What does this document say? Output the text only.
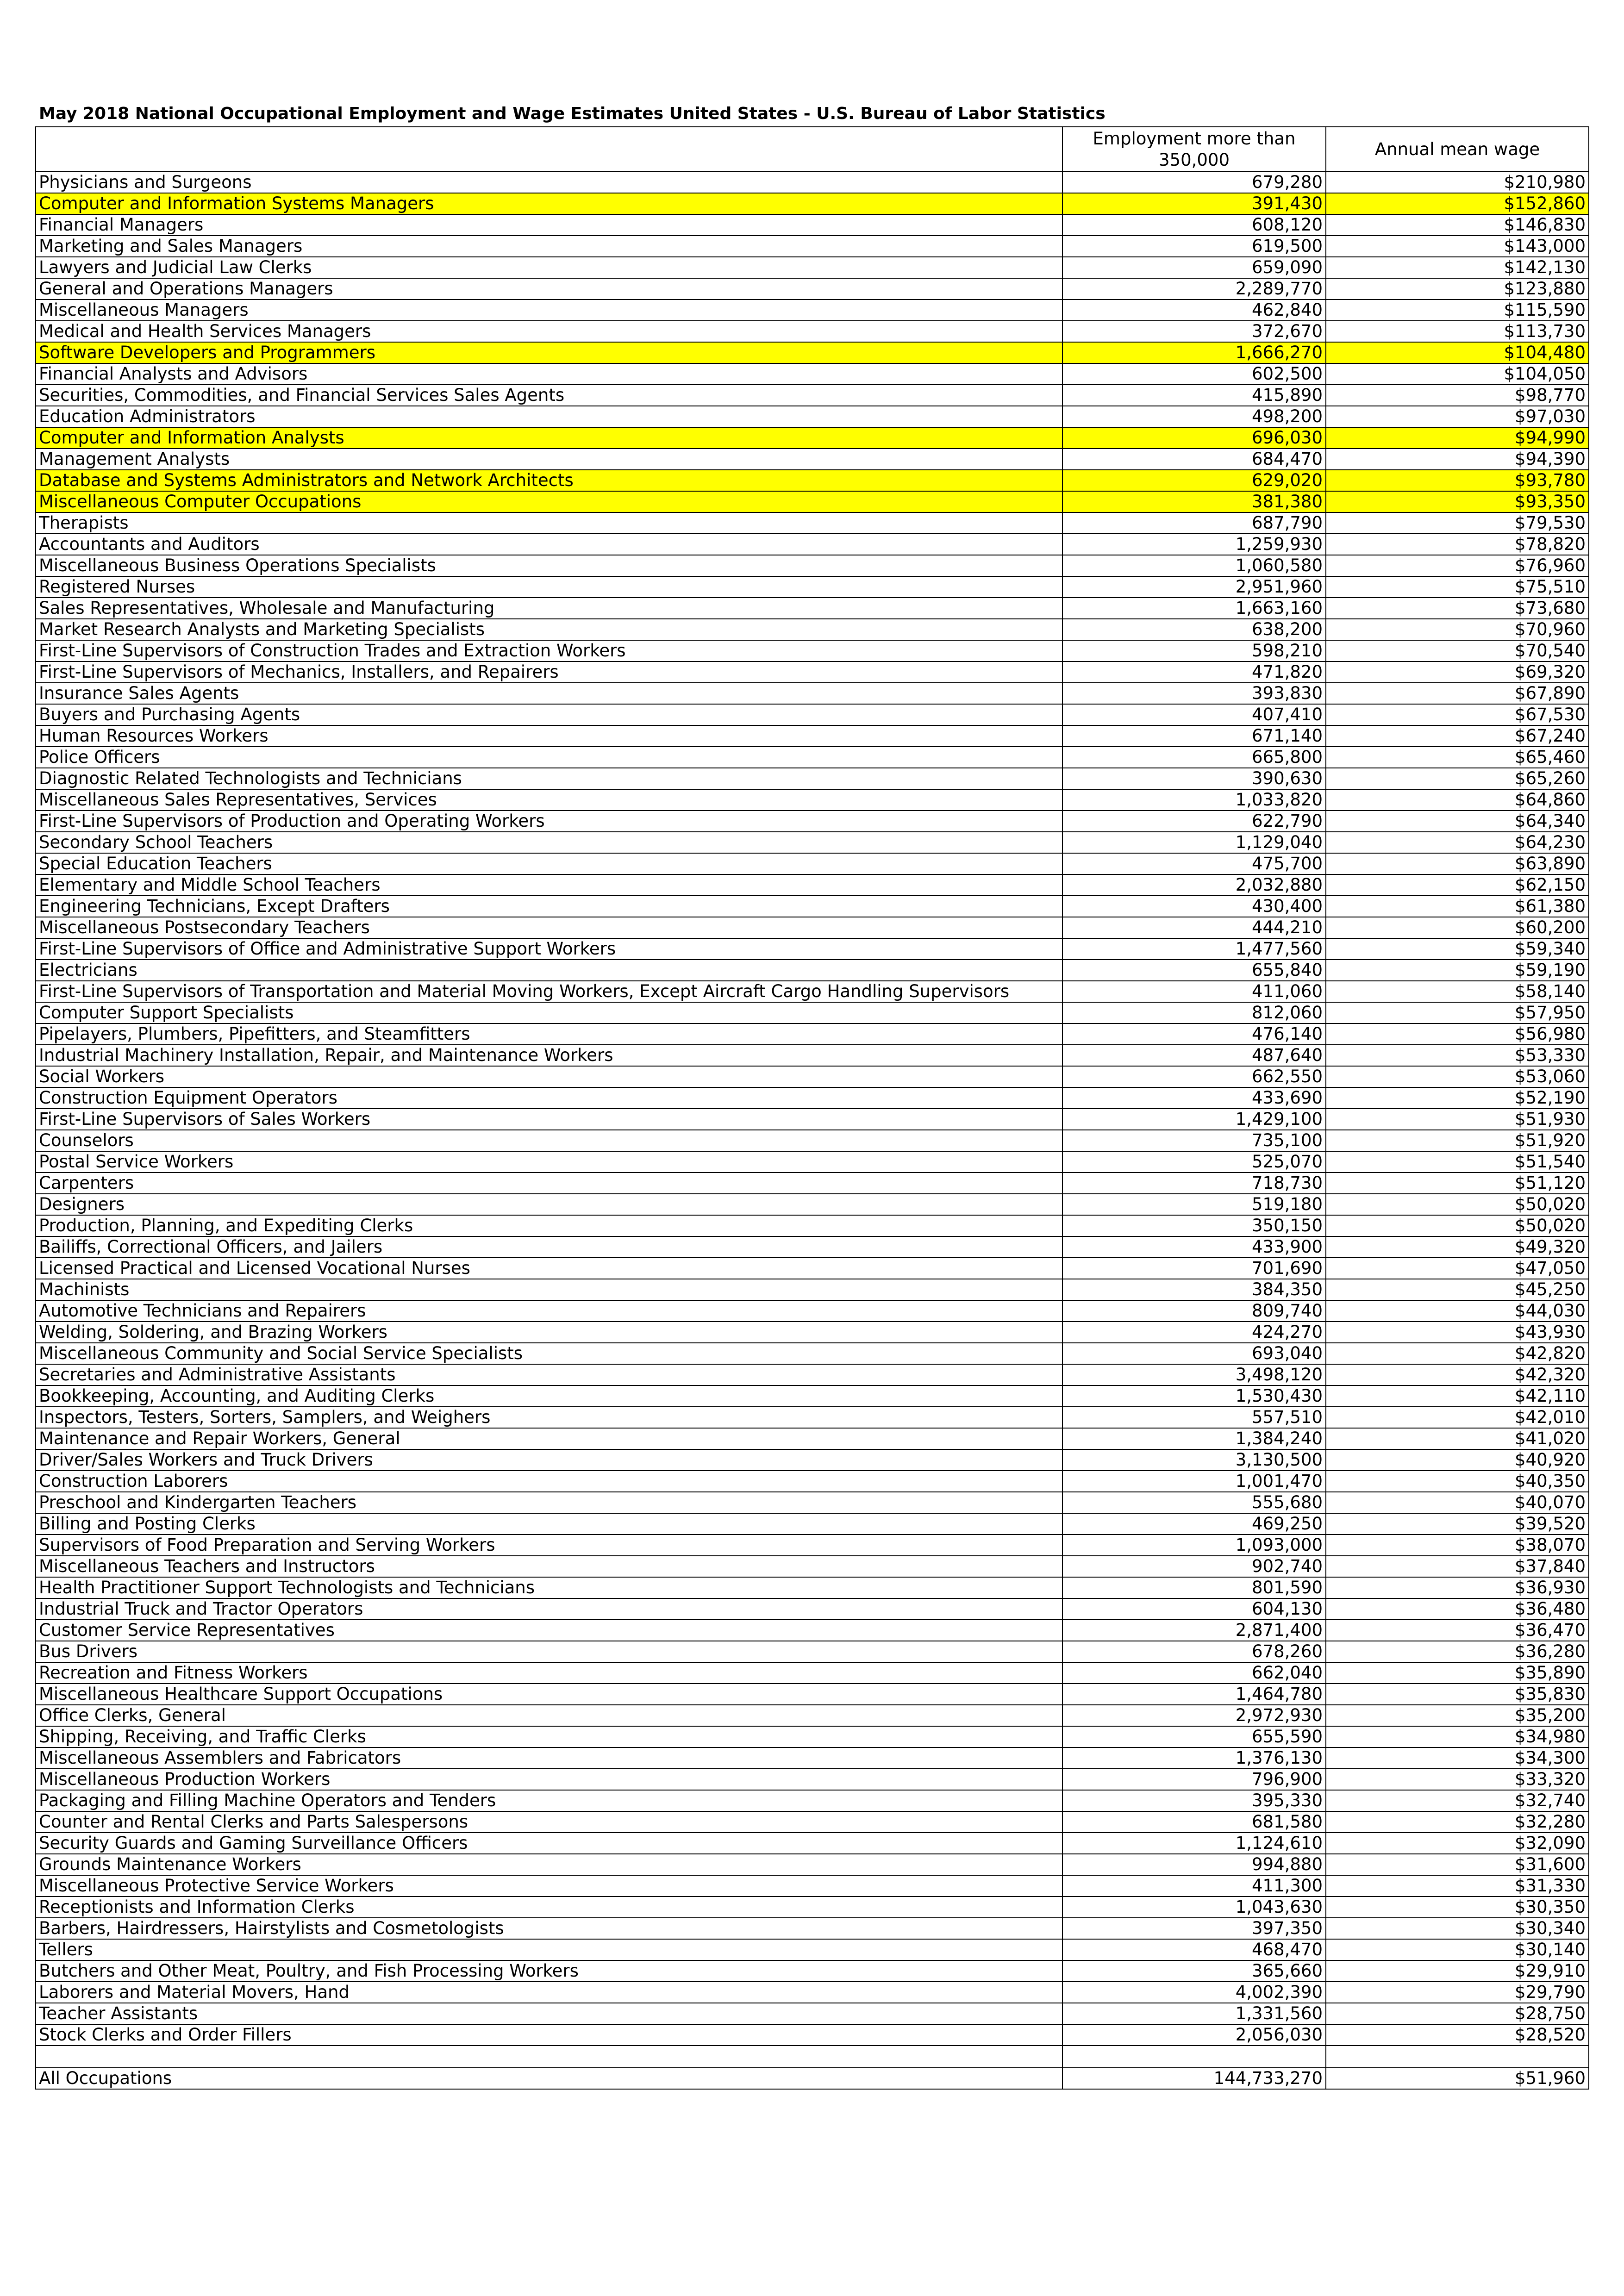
May 2018 National Occupational Employment and Wage Estimates United States - U.S. Bureau of Labor Statistics
	Employment more than 350,000	Annual mean wage
Physicians and Surgeons	679,280	$210,980
Computer and Information Systems Managers	391,430	$152,860
Financial Managers	608,120	$146,830
Marketing and Sales Managers	619,500	$143,000
Lawyers and Judicial Law Clerks	659,090	$142,130
General and Operations Managers	2,289,770	$123,880
Miscellaneous Managers	462,840	$115,590
Medical and Health Services Managers	372,670	$113,730
Software Developers and Programmers	1,666,270	$104,480
Financial Analysts and Advisors	602,500	$104,050
Securities, Commodities, and Financial Services Sales Agents	415,890	$98,770
Education Administrators	498,200	$97,030
Computer and Information Analysts	696,030	$94,990
Management Analysts	684,470	$94,390
Database and Systems Administrators and Network Architects	629,020	$93,780
Miscellaneous Computer Occupations	381,380	$93,350
Therapists	687,790	$79,530
Accountants and Auditors	1,259,930	$78,820
Miscellaneous Business Operations Specialists	1,060,580	$76,960
Registered Nurses	2,951,960	$75,510
Sales Representatives, Wholesale and Manufacturing	1,663,160	$73,680
Market Research Analysts and Marketing Specialists	638,200	$70,960
First-Line Supervisors of Construction Trades and Extraction Workers	598,210	$70,540
First-Line Supervisors of Mechanics, Installers, and Repairers	471,820	$69,320
Insurance Sales Agents	393,830	$67,890
Buyers and Purchasing Agents	407,410	$67,530
Human Resources Workers	671,140	$67,240
Police Officers	665,800	$65,460
Diagnostic Related Technologists and Technicians	390,630	$65,260
Miscellaneous Sales Representatives, Services	1,033,820	$64,860
First-Line Supervisors of Production and Operating Workers	622,790	$64,340
Secondary School Teachers	1,129,040	$64,230
Special Education Teachers	475,700	$63,890
Elementary and Middle School Teachers	2,032,880	$62,150
Engineering Technicians, Except Drafters	430,400	$61,380
Miscellaneous Postsecondary Teachers	444,210	$60,200
First-Line Supervisors of Office and Administrative Support Workers	1,477,560	$59,340
Electricians	655,840	$59,190
First-Line Supervisors of Transportation and Material Moving Workers, Except Aircraft Cargo Handling Supervisors	411,060	$58,140
Computer Support Specialists	812,060	$57,950
Pipelayers, Plumbers, Pipefitters, and Steamfitters	476,140	$56,980
Industrial Machinery Installation, Repair, and Maintenance Workers	487,640	$53,330
Social Workers	662,550	$53,060
Construction Equipment Operators	433,690	$52,190
First-Line Supervisors of Sales Workers	1,429,100	$51,930
Counselors	735,100	$51,920
Postal Service Workers	525,070	$51,540
Carpenters	718,730	$51,120
Designers	519,180	$50,020
Production, Planning, and Expediting Clerks	350,150	$50,020
Bailiffs, Correctional Officers, and Jailers	433,900	$49,320
Licensed Practical and Licensed Vocational Nurses	701,690	$47,050
Machinists	384,350	$45,250
Automotive Technicians and Repairers	809,740	$44,030
Welding, Soldering, and Brazing Workers	424,270	$43,930
Miscellaneous Community and Social Service Specialists	693,040	$42,820
Secretaries and Administrative Assistants	3,498,120	$42,320
Bookkeeping, Accounting, and Auditing Clerks	1,530,430	$42,110
Inspectors, Testers, Sorters, Samplers, and Weighers	557,510	$42,010
Maintenance and Repair Workers, General	1,384,240	$41,020
Driver/Sales Workers and Truck Drivers	3,130,500	$40,920
Construction Laborers	1,001,470	$40,350
Preschool and Kindergarten Teachers	555,680	$40,070
Billing and Posting Clerks	469,250	$39,520
Supervisors of Food Preparation and Serving Workers	1,093,000	$38,070
Miscellaneous Teachers and Instructors	902,740	$37,840
Health Practitioner Support Technologists and Technicians	801,590	$36,930
Industrial Truck and Tractor Operators	604,130	$36,480
Customer Service Representatives	2,871,400	$36,470
Bus Drivers	678,260	$36,280
Recreation and Fitness Workers	662,040	$35,890
Miscellaneous Healthcare Support Occupations	1,464,780	$35,830
Office Clerks, General	2,972,930	$35,200
Shipping, Receiving, and Traffic Clerks	655,590	$34,980
Miscellaneous Assemblers and Fabricators	1,376,130	$34,300
Miscellaneous Production Workers	796,900	$33,320
Packaging and Filling Machine Operators and Tenders	395,330	$32,740
Counter and Rental Clerks and Parts Salespersons	681,580	$32,280
Security Guards and Gaming Surveillance Officers	1,124,610	$32,090
Grounds Maintenance Workers	994,880	$31,600
Miscellaneous Protective Service Workers	411,300	$31,330
Receptionists and Information Clerks	1,043,630	$30,350
Barbers, Hairdressers, Hairstylists and Cosmetologists	397,350	$30,340
Tellers	468,470	$30,140
Butchers and Other Meat, Poultry, and Fish Processing Workers	365,660	$29,910
Laborers and Material Movers, Hand	4,002,390	$29,790
Teacher Assistants	1,331,560	$28,750
Stock Clerks and Order Fillers	2,056,030	$28,520

All Occupations	144,733,270	$51,960
